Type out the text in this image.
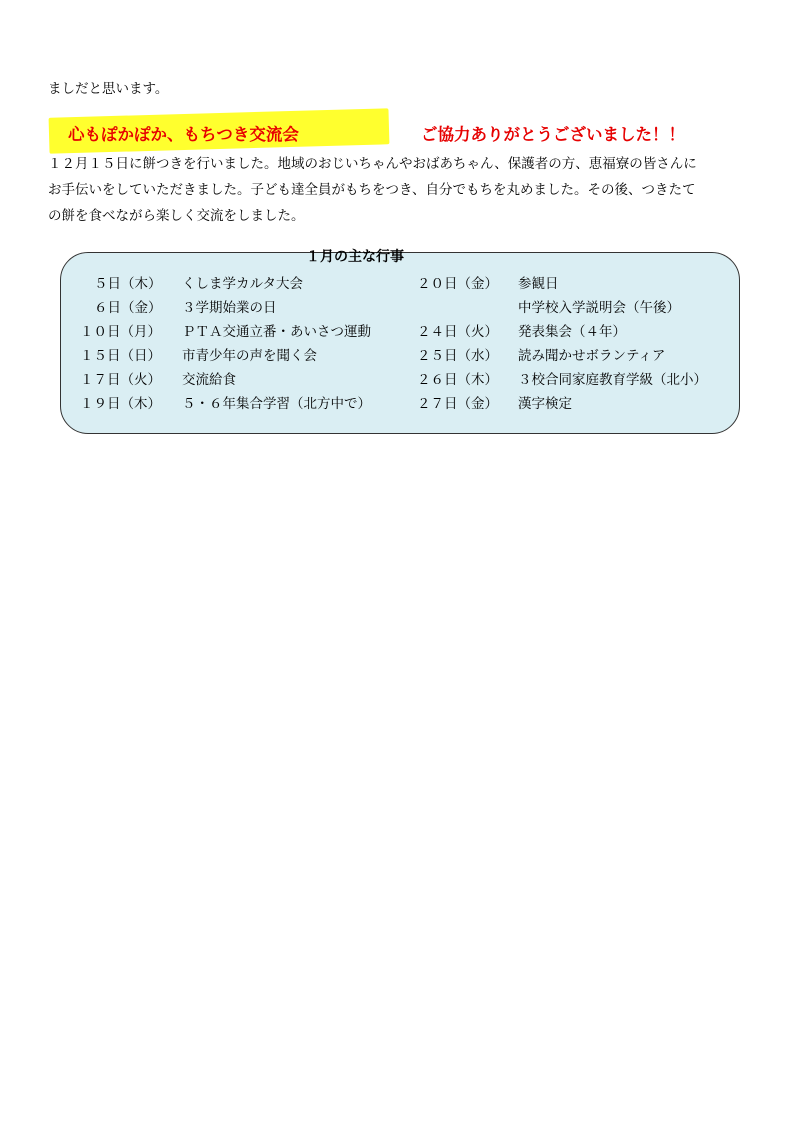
ましだと思います。
心もぽかぽか、もちつき交流会	ご協力ありがとうございました！！
１２月１５日に餅つきを行いました。地域のおじいちゃんやおばあちゃん、保護者の方、恵福寮の皆さんに
お手伝いをしていただきました。子ども達全員がもちをつき、自分でもちを丸めました。その後、つきたて
の餅を食べながら楽しく交流をしました。
１月の主な行事
５日（木） くしま学カルタ大会
６日（金） ３学期始業の日
１０日（月） ＰＴＡ交通立番・あいさつ運動
１５日（日） 市青少年の声を聞く会
１７日（火） 交流給食
１９日（木） ５・６年集合学習（北方中で）
２０日（金） 参観日
中学校入学説明会（午後）
２４日（火） 発表集会（４年）
２５日（水） 読み聞かせボランティア
２６日（木） ３校合同家庭教育学級（北小）
２７日（金） 漢字検定
